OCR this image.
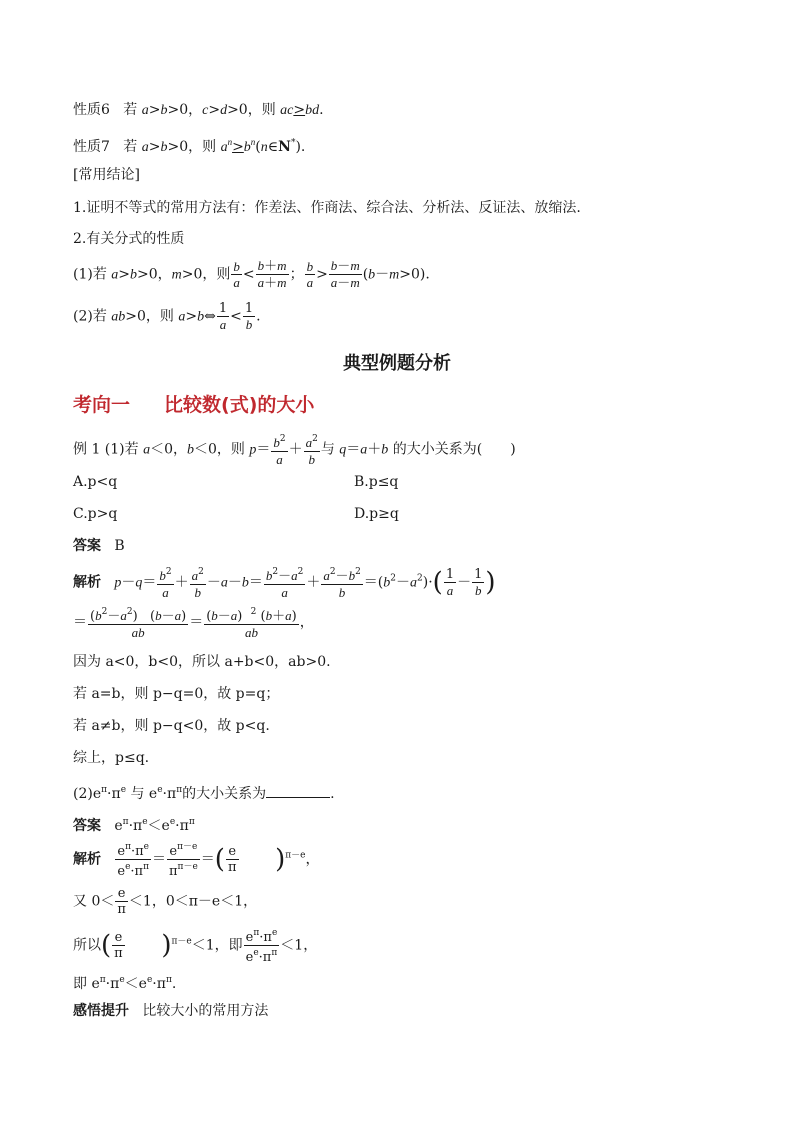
性质6   若 a>b>0，c>d>0，则 ac>bd.
性质7   若 a>b>0，则 $a^n>b^n(n\in N^*)$.
[常用结论]
1.证明不等式的常用方法有：作差法、作商法、综合法、分析法、反证法、放缩法.
2.有关分式的性质
(1)若 a>b>0，m>0，则 $\frac{b}{a} < \frac{b+m}{a+m}$ ； $\frac{b}{a} > \frac{b-m}{a-m} (b-m>0)$.
(2)若 ab>0，则 a>b⇔ $\frac{1}{a} < \frac{1}{b}$ .
典型例题分析
考向一 比较数(式)的大小
例 1 (1)若 a＜0，b＜0，则 $p= \frac{b^2}{a} + \frac{a^2}{b}$ 与 q＝a＋b 的大小关系为(　　)
A.p<q	B.p≤q
C.p>q	D.p≥q
答案 B
解析 $p-q= \frac{b^2}{a} + \frac{a^2}{b} -a-b= \frac{b^2-a^2}{a} + \frac{a^2-b^2}{b} =(b^2-a^2)\cdot( \frac{1}{a} - \frac{1}{b}$ )
＝ $\frac{(b^2-a^2) (b-a)}{ab} = \frac{(b-a) ^2 (b+a)}{ab}$ ，
因为 a<0，b<0，所以 a+b<0，ab>0.
若 a=b，则 p−q=0，故 p=q；
若 a≠b，则 p−q<0，故 p<q.
综上，p≤q.
$(2)e^\pi\cdot\pi^e$ 与 $e^e\cdot\pi^\pi$的大小关系为	.
答案   $e^\pi\cdot\pi^e<e^e\cdot\pi^\pi$
解析 $\frac{e^\pi\cdot\pi^e}{e^e\cdot\pi^\pi} = \frac{e^{\pi-e}}{\pi^{\pi-e}}$ ＝( $\frac{e}{\pi} )^{\pi-e}$，
又 $0< \frac{e}{\pi} <1$，0＜π－e＜1，
所以( $\frac{e}{\pi} )^{\pi-e}<1$，即 $\frac{e^\pi\cdot\pi^e}{e^e\cdot\pi^\pi} <1$，
即 $e^\pi\cdot\pi^e<e^e\cdot\pi^\pi$.
感悟提升 比较大小的常用方法
